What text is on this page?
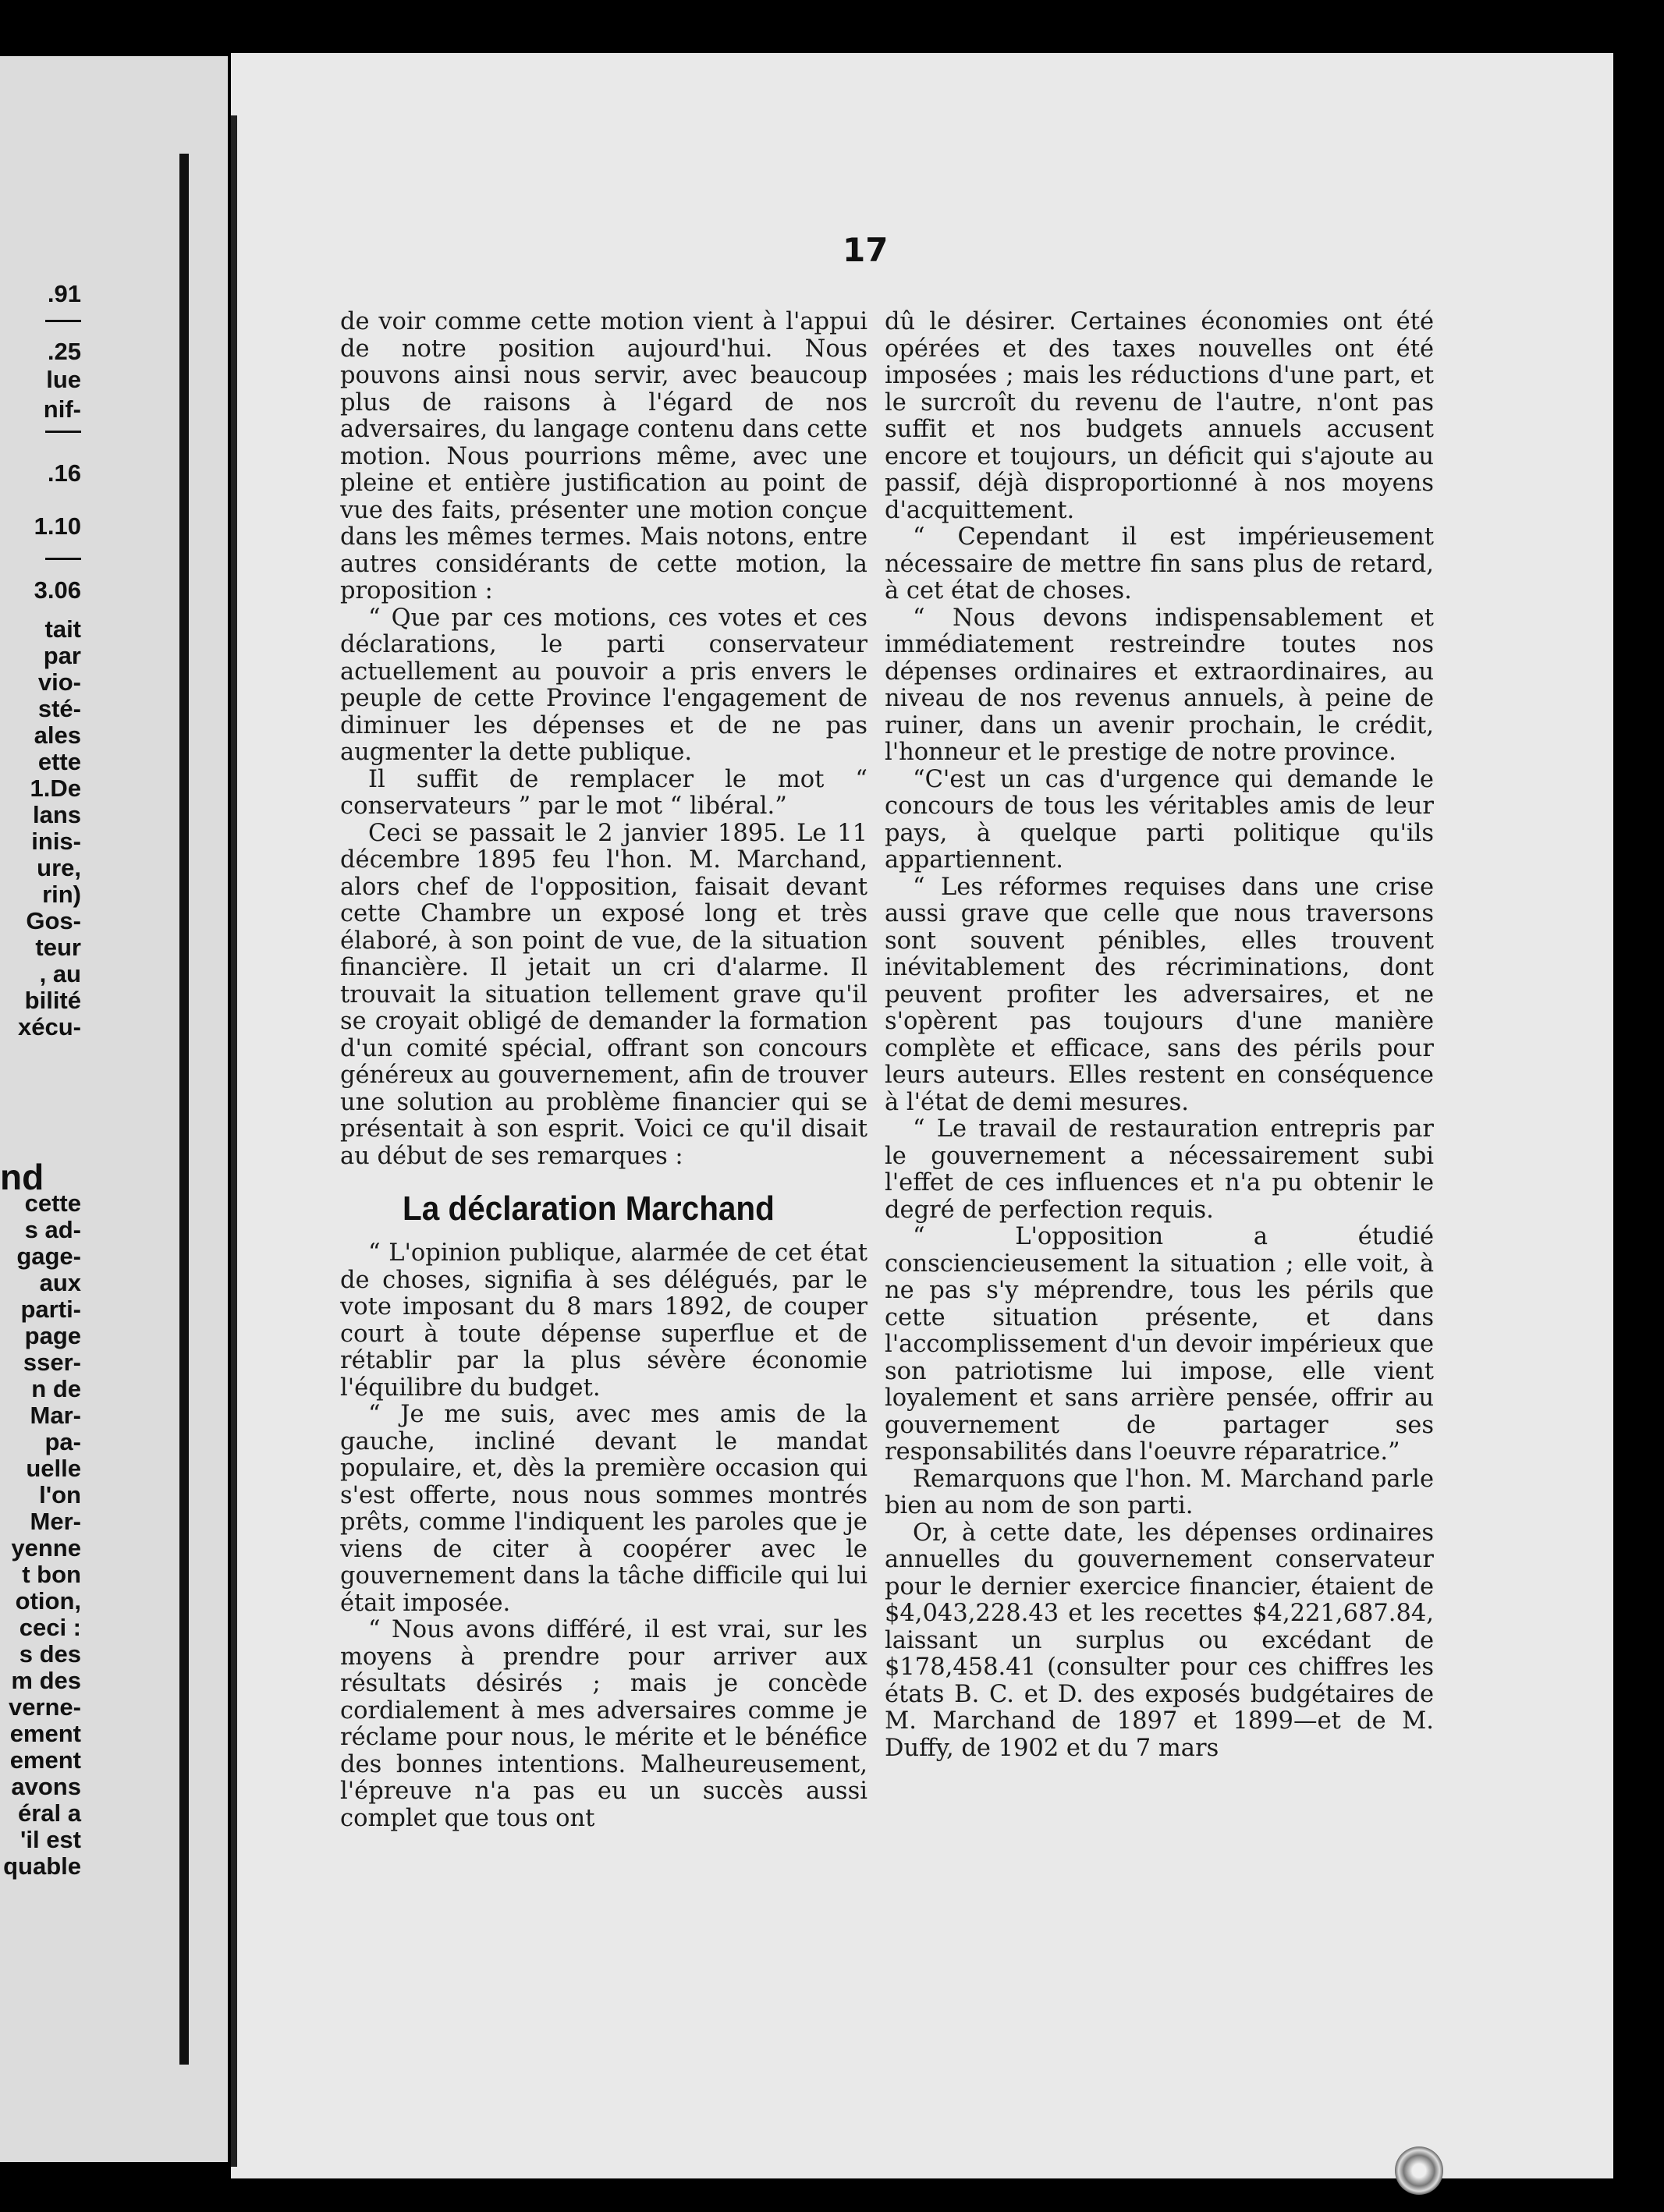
.91
.25
lue
nif-
.16
1.10
3.06
tait
par
vio-
sté-
ales
ette
1.De
lans
inis-
ure,
rin)
Gos-
teur
, au
bilité
xécu-
nd
cette
s ad-
gage-
aux
parti-
page
sser-
n de
Mar-
pa-
uelle
l'on
Mer-
yenne
t bon
otion,
ceci :
s des
m des
verne-
ement
ement
avons
éral a
'il est
quable
17

de voir comme cette motion vient à l'appui de notre position aujourd'hui. Nous pouvons ainsi nous servir, avec beaucoup plus de raisons à l'égard de nos adversaires, du langage contenu dans cette motion. Nous pourrions même, avec une pleine et entière justification au point de vue des faits, présenter une motion conçue dans les mêmes termes. Mais notons, entre autres considérants de cette motion, la proposition :

“ Que par ces motions, ces votes et ces déclarations, le parti conservateur actuellement au pouvoir a pris envers le peuple de cette Province l'engagement de diminuer les dépenses et de ne pas augmenter la dette publique.

Il suffit de remplacer le mot “ conservateurs ” par le mot “ libéral.”

Ceci se passait le 2 janvier 1895. Le 11 décembre 1895 feu l'hon. M. Marchand, alors chef de l'opposition, faisait devant cette Chambre un exposé long et très élaboré, à son point de vue, de la situation financière. Il jetait un cri d'alarme. Il trouvait la situation tellement grave qu'il se croyait obligé de demander la formation d'un comité spécial, offrant son concours généreux au gouvernement, afin de trouver une solution au problème financier qui se présentait à son esprit. Voici ce qu'il disait au début de ses remarques :

La déclaration Marchand

“ L'opinion publique, alarmée de cet état de choses, signifia à ses délégués, par le vote imposant du 8 mars 1892, de couper court à toute dépense superflue et de rétablir par la plus sévère économie l'équilibre du budget.

“ Je me suis, avec mes amis de la gauche, incliné devant le mandat populaire, et, dès la première occasion qui s'est offerte, nous nous sommes montrés prêts, comme l'indiquent les paroles que je viens de citer à coopérer avec le gouvernement dans la tâche difficile qui lui était imposée.

“ Nous avons différé, il est vrai, sur les moyens à prendre pour arriver aux résultats désirés ; mais je concède cordialement à mes adversaires comme je réclame pour nous, le mérite et le bénéfice des bonnes intentions. Malheureusement, l'épreuve n'a pas eu un succès aussi complet que tous ont

dû le désirer. Certaines économies ont été opérées et des taxes nouvelles ont été imposées ; mais les réductions d'une part, et le surcroît du revenu de l'autre, n'ont pas suffit et nos budgets annuels accusent encore et toujours, un déficit qui s'ajoute au passif, déjà disproportionné à nos moyens d'acquittement.

“ Cependant il est impérieusement nécessaire de mettre fin sans plus de retard, à cet état de choses.

“ Nous devons indispensablement et immédiatement restreindre toutes nos dépenses ordinaires et extraordinaires, au niveau de nos revenus annuels, à peine de ruiner, dans un avenir prochain, le crédit, l'honneur et le prestige de notre province.

“C'est un cas d'urgence qui demande le concours de tous les véritables amis de leur pays, à quelque parti politique qu'ils appartiennent.

“ Les réformes requises dans une crise aussi grave que celle que nous traversons sont souvent pénibles, elles trouvent inévitablement des récriminations, dont peuvent profiter les adversaires, et ne s'opèrent pas toujours d'une manière complète et efficace, sans des périls pour leurs auteurs. Elles restent en conséquence à l'état de demi mesures.

“ Le travail de restauration entrepris par le gouvernement a nécessairement subi l'effet de ces influences et n'a pu obtenir le degré de perfection requis.

“ L'opposition a étudié consciencieusement la situation ; elle voit, à ne pas s'y méprendre, tous les périls que cette situation présente, et dans l'accomplissement d'un devoir impérieux que son patriotisme lui impose, elle vient loyalement et sans arrière pensée, offrir au gouvernement de partager ses responsabilités dans l'oeuvre réparatrice.”

Remarquons que l'hon. M. Marchand parle bien au nom de son parti.

Or, à cette date, les dépenses ordinaires annuelles du gouvernement conservateur pour le dernier exercice financier, étaient de $4,043,228.43 et les recettes $4,221,687.84, laissant un surplus ou excédant de $178,458.41 (consulter pour ces chiffres les états B. C. et D. des exposés budgétaires de M. Marchand de 1897 et 1899—et de M. Duffy, de 1902 et du 7 mars
